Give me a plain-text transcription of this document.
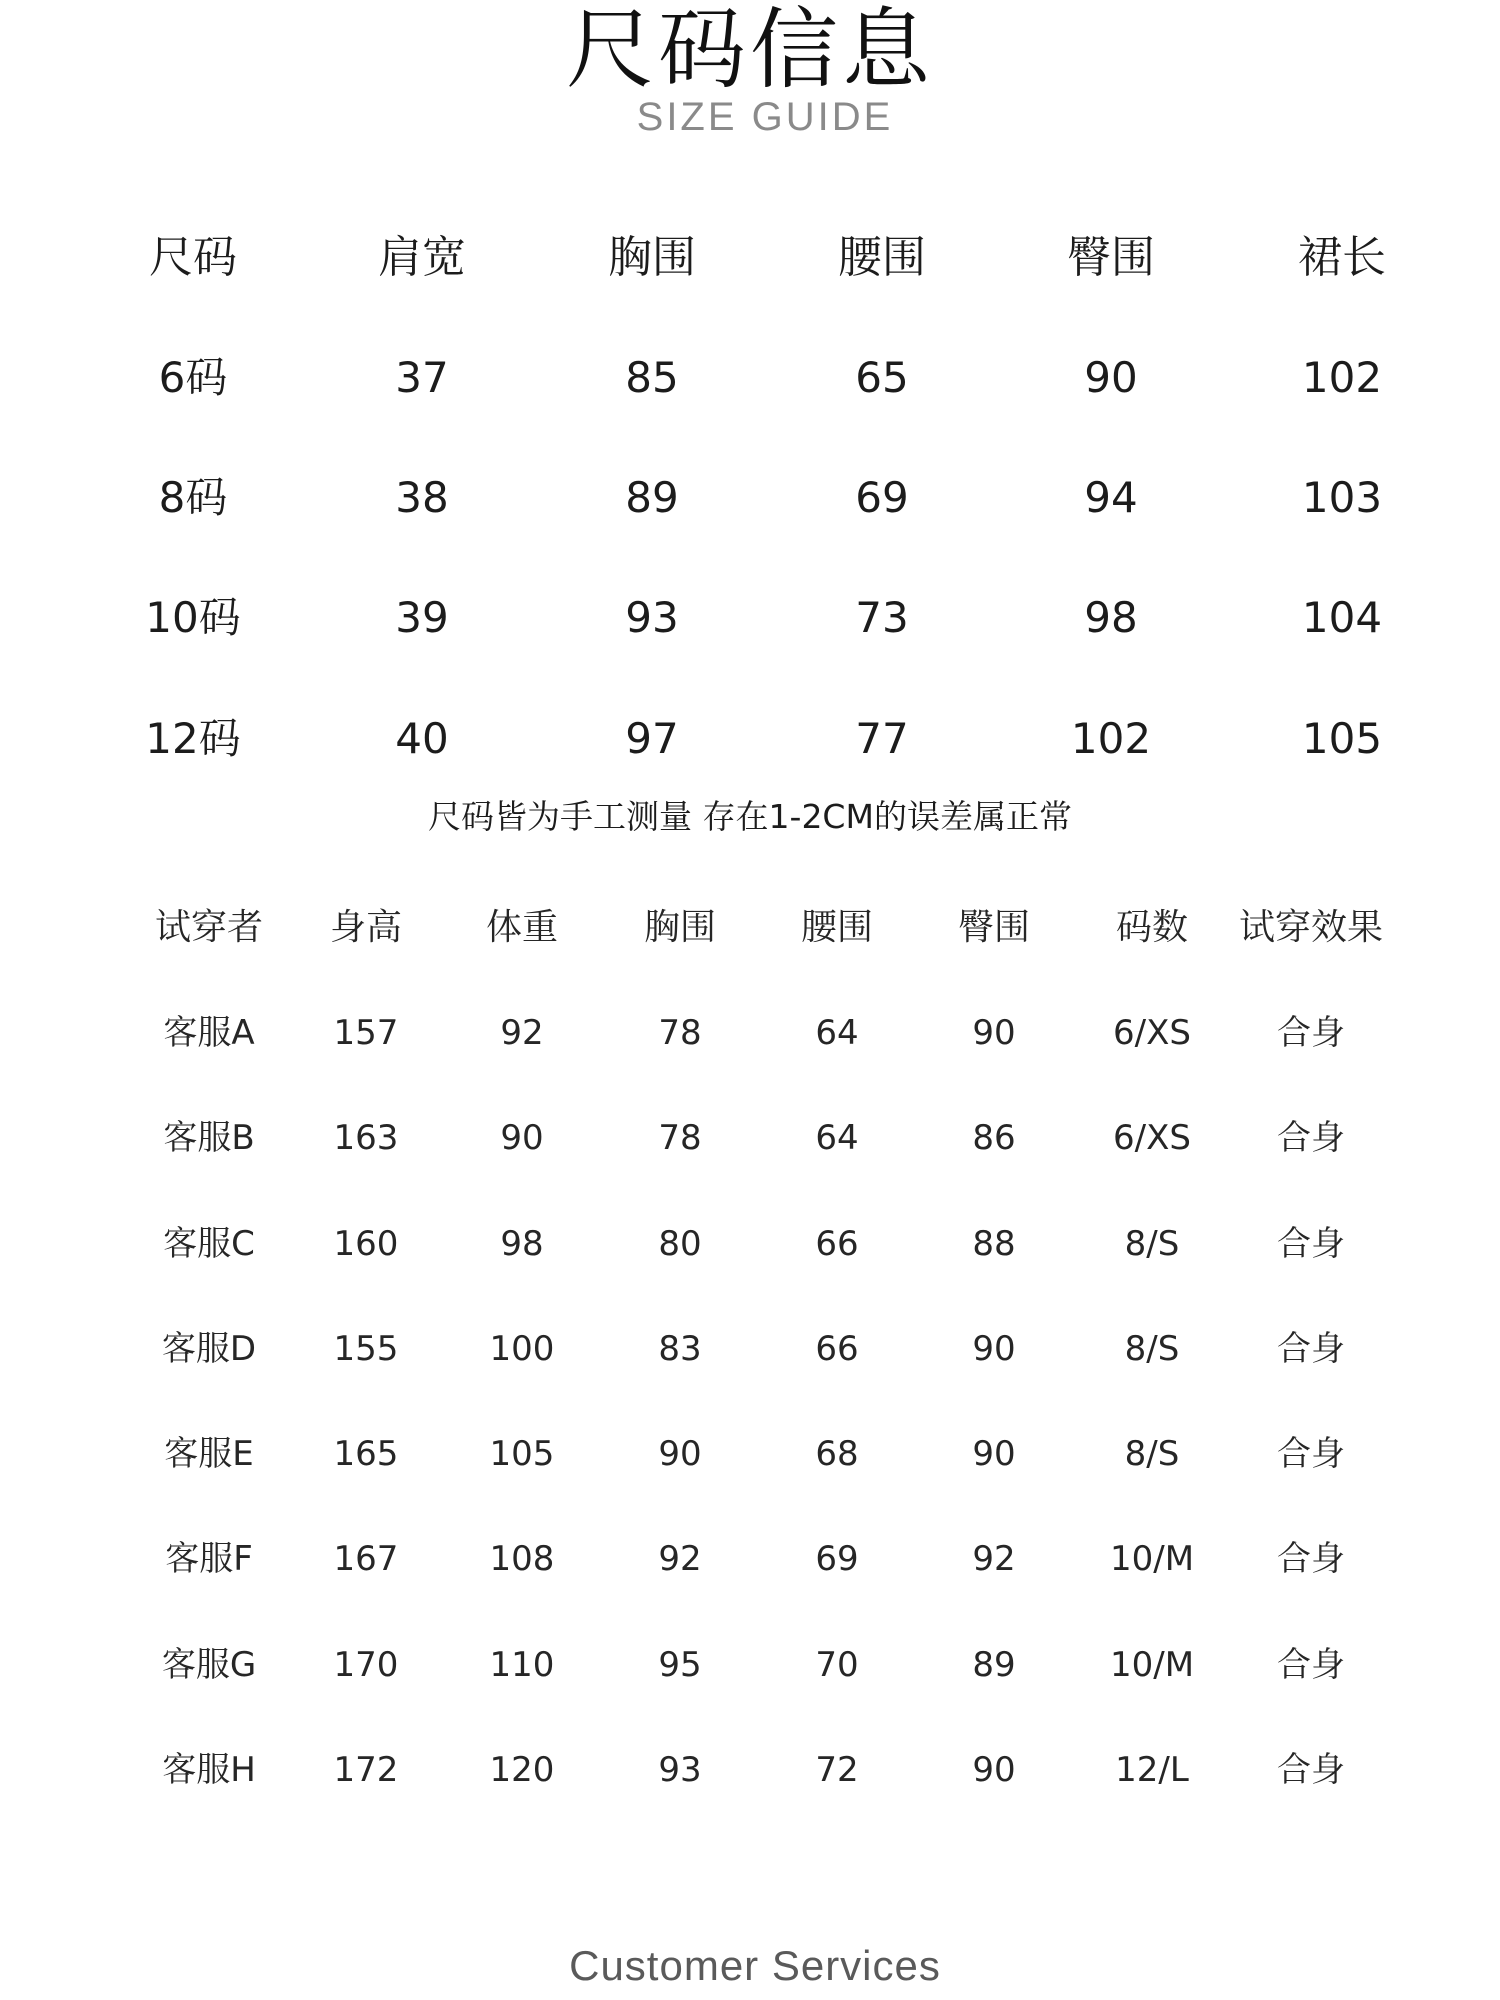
尺码信息
SIZE GUIDE
尺码	肩宽	胸围	腰围	臀围	裙长
6码	37	85	65	90	102
8码	38	89	69	94	103
10码	39	93	73	98	104
12码	40	97	77	102	105
尺码皆为手工测量 存在1-2CM的误差属正常
试穿者 身高 体重 胸围 腰围 臀围 码数 试穿效果
客服A 157	92	78	64	90	6/XS	合身
客服B 163	90	78	64	86	6/XS	合身
客服C 160	98	80	66	88	8/S	合身
客服D 155	100	83	66	90	8/S	合身
客服E 165	105	90	68	90	8/S	合身
客服F 167	108	92	69	92	10/M 合身
客服G 170	110	95	70	89	10/M 合身
客服H 172	120	93	72	90	12/L	合身
Customer Services
